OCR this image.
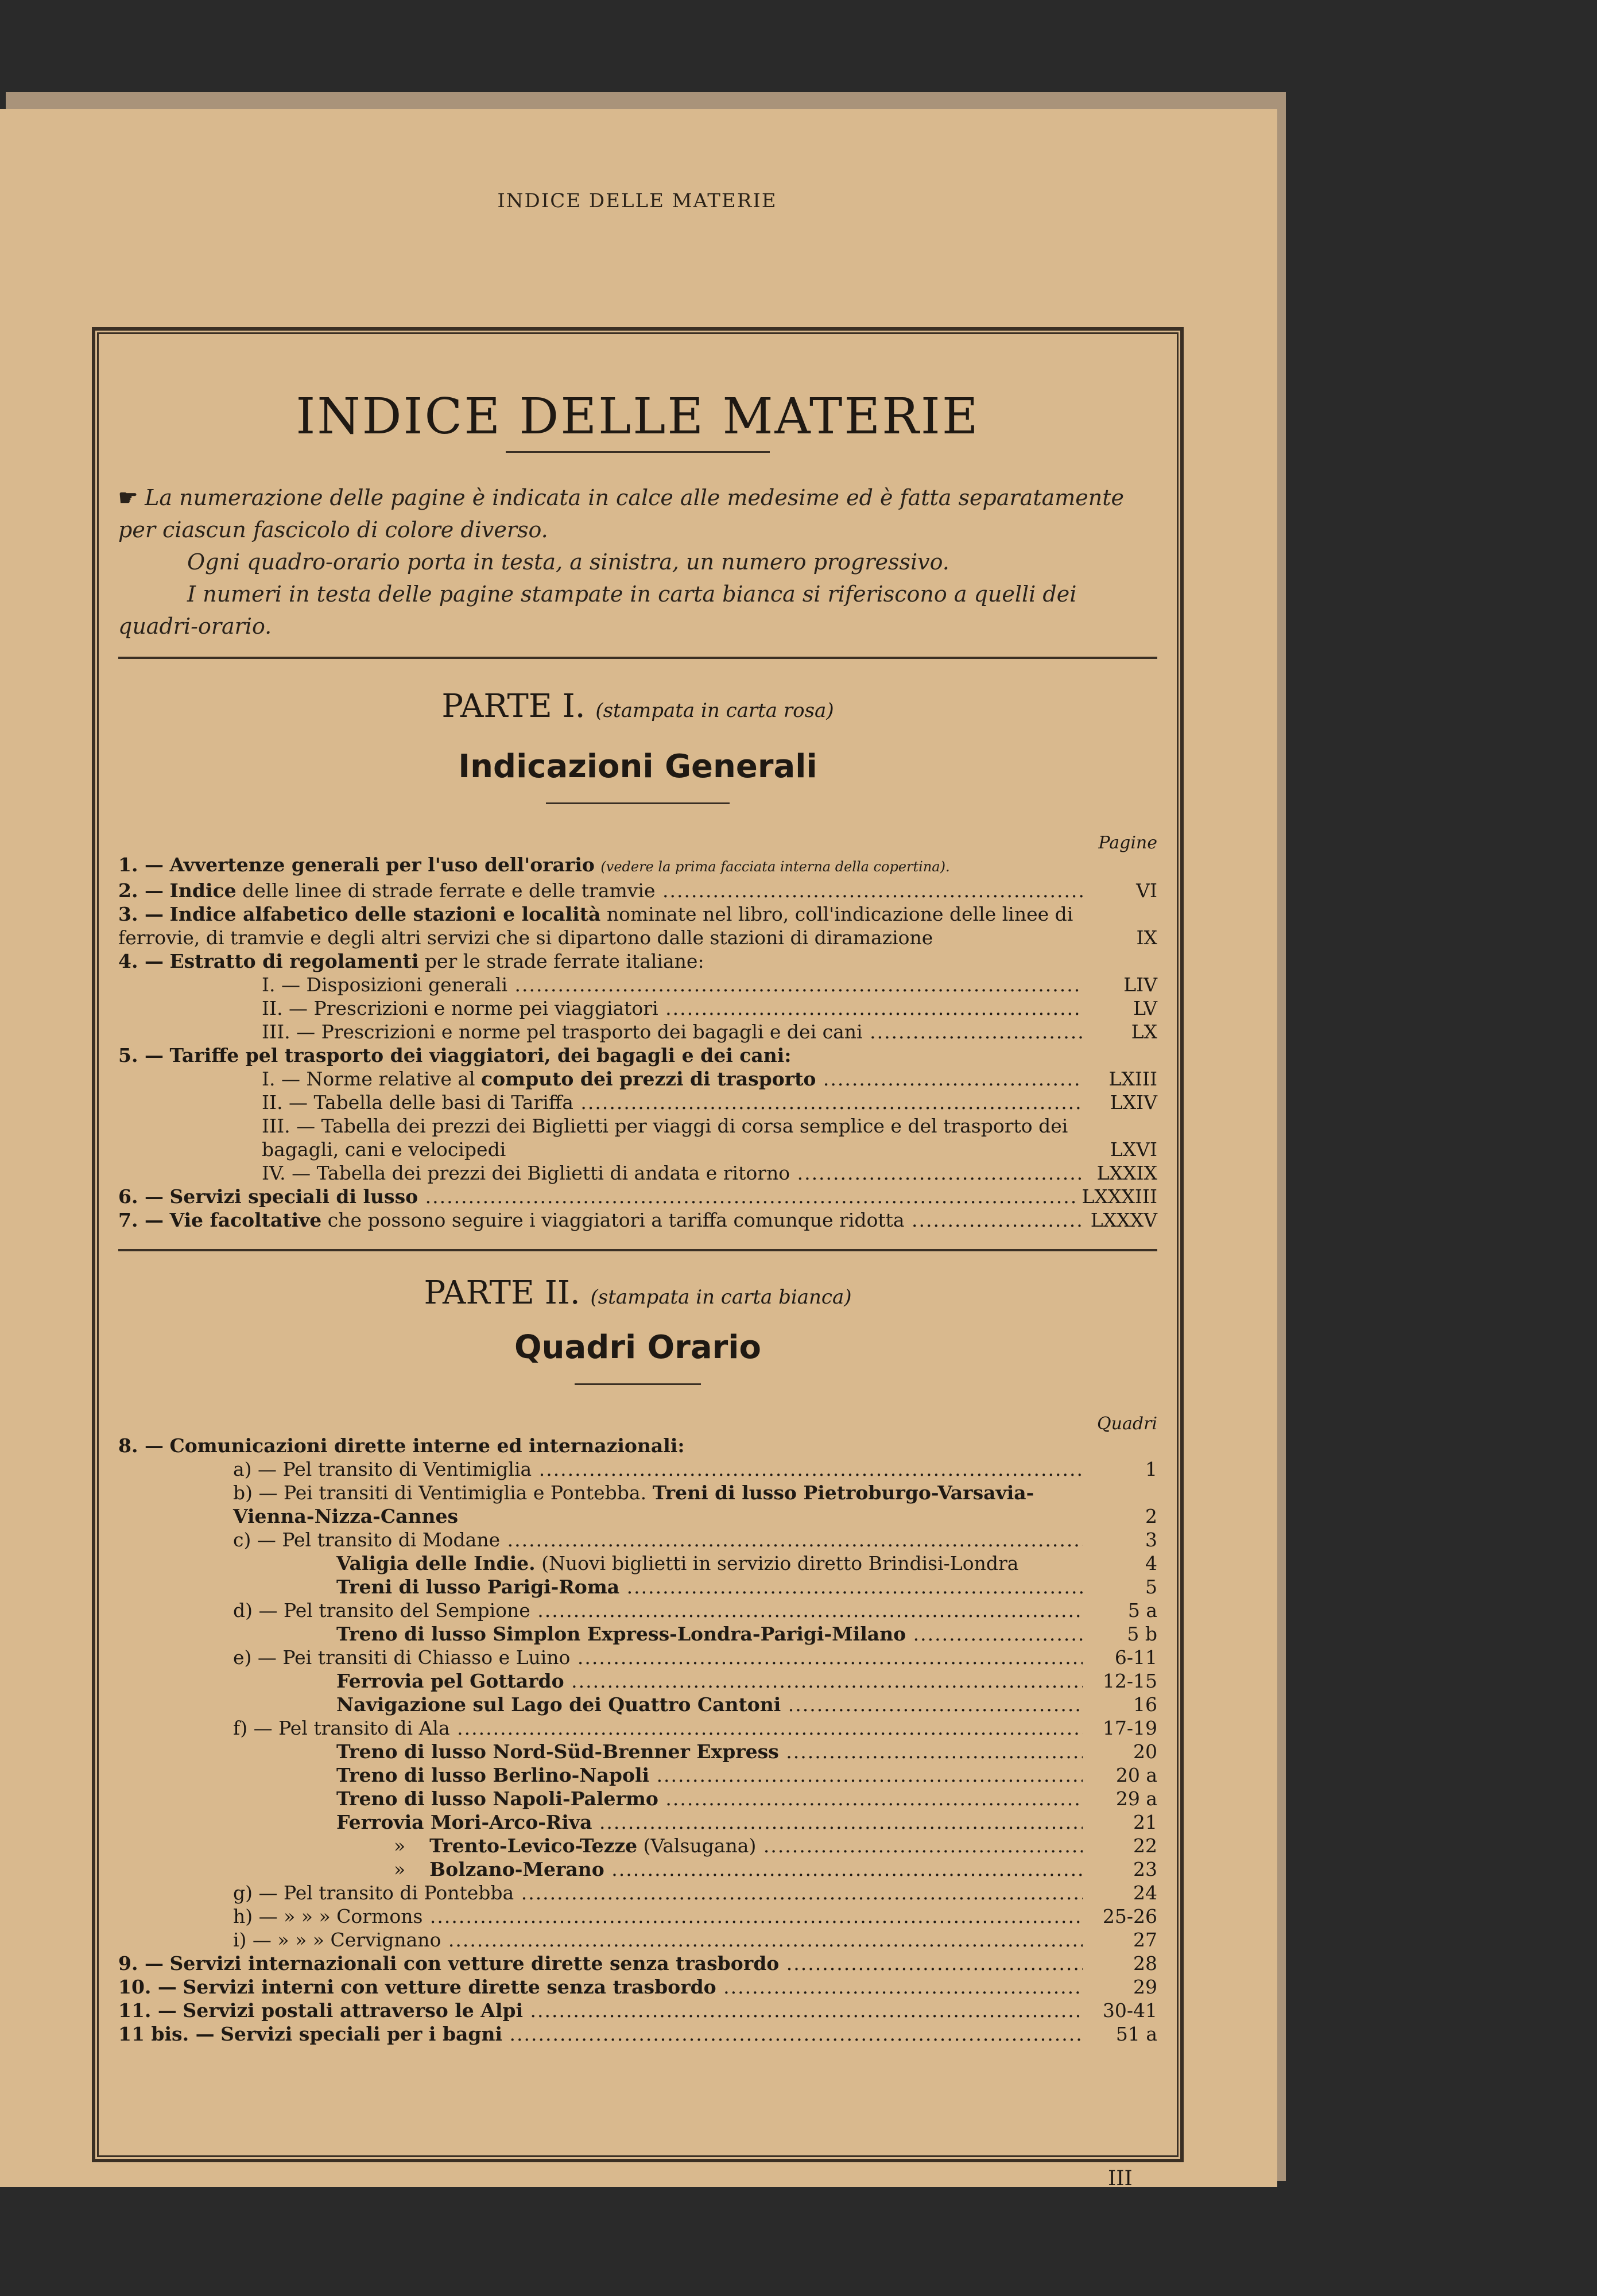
INDICE DELLE MATERIE
INDICE DELLE MATERIE

☛ La numerazione delle pagine è indicata in calce alle medesime ed è fatta separatamente per ciascun fascicolo di colore diverso.

Ogni quadro-orario porta in testa, a sinistra, un numero progressivo.

I numeri in testa delle pagine stampate in carta bianca si riferiscono a quelli dei quadri-orario.

PARTE I. (stampata in carta rosa)
Indicazioni Generali
Pagine
1. — Avvertenze generali per l'uso dell'orario (vedere la prima facciata interna della copertina).
2. — Indice delle linee di strade ferrate e delle tramvie .....	VI
3. — Indice alfabetico delle stazioni e località nominate nel libro, coll'indicazione delle linee di ferrovie, di tramvie e degli altri servizi che si dipartono dalle stazioni di diramazione	IX
4. — Estratto di regolamenti per le strade ferrate italiane:
I. — Disposizioni generali .....	LIV
II. — Prescrizioni e norme pei viaggiatori .....	LV
III. — Prescrizioni e norme pel trasporto dei bagagli e dei cani .....	LX
5. — Tariffe pel trasporto dei viaggiatori, dei bagagli e dei cani:
I. — Norme relative al computo dei prezzi di trasporto .....	LXIII
II. — Tabella delle basi di Tariffa .....	LXIV
III. — Tabella dei prezzi dei Biglietti per viaggi di corsa semplice e del trasporto dei bagagli, cani e velocipedi	LXVI
IV. — Tabella dei prezzi dei Biglietti di andata e ritorno .....	LXXIX
6. — Servizi speciali di lusso .....	LXXXIII
7. — Vie facoltative che possono seguire i viaggiatori a tariffa comunque ridotta .....	LXXXV
PARTE II. (stampata in carta bianca)
Quadri Orario
Quadri
8. — Comunicazioni dirette interne ed internazionali:
a) — Pel transito di Ventimiglia .....	1
b) — Pei transiti di Ventimiglia e Pontebba. Treni di lusso Pietroburgo-Varsavia-Vienna-Nizza-Cannes	2
c) — Pel transito di Modane .....	3
Valigia delle Indie. (Nuovi biglietti in servizio diretto Brindisi-Londra	4
Treni di lusso Parigi-Roma .....	5
d) — Pel transito del Sempione .....	5 a
Treno di lusso Simplon Express-Londra-Parigi-Milano .....	5 b
e) — Pei transiti di Chiasso e Luino .....	6-11
Ferrovia pel Gottardo .....	12-15
Navigazione sul Lago dei Quattro Cantoni .....	16
f) — Pel transito di Ala .....	17-19
Treno di lusso Nord-Süd-Brenner Express .....	20
Treno di lusso Berlino-Napoli .....	20 a
Treno di lusso Napoli-Palermo .....	29 a
Ferrovia Mori-Arco-Riva .....	21
» Trento-Levico-Tezze (Valsugana) .....	22
» Bolzano-Merano .....	23
g) — Pel transito di Pontebba .....	24
h) — » » » Cormons .....	25-26
i) — » » » Cervignano .....	27
9. — Servizi internazionali con vetture dirette senza trasbordo .....	28
10. — Servizi interni con vetture dirette senza trasbordo .....	29
11. — Servizi postali attraverso le Alpi .....	30-41
11 bis. — Servizi speciali per i bagni .....	51 a
III
